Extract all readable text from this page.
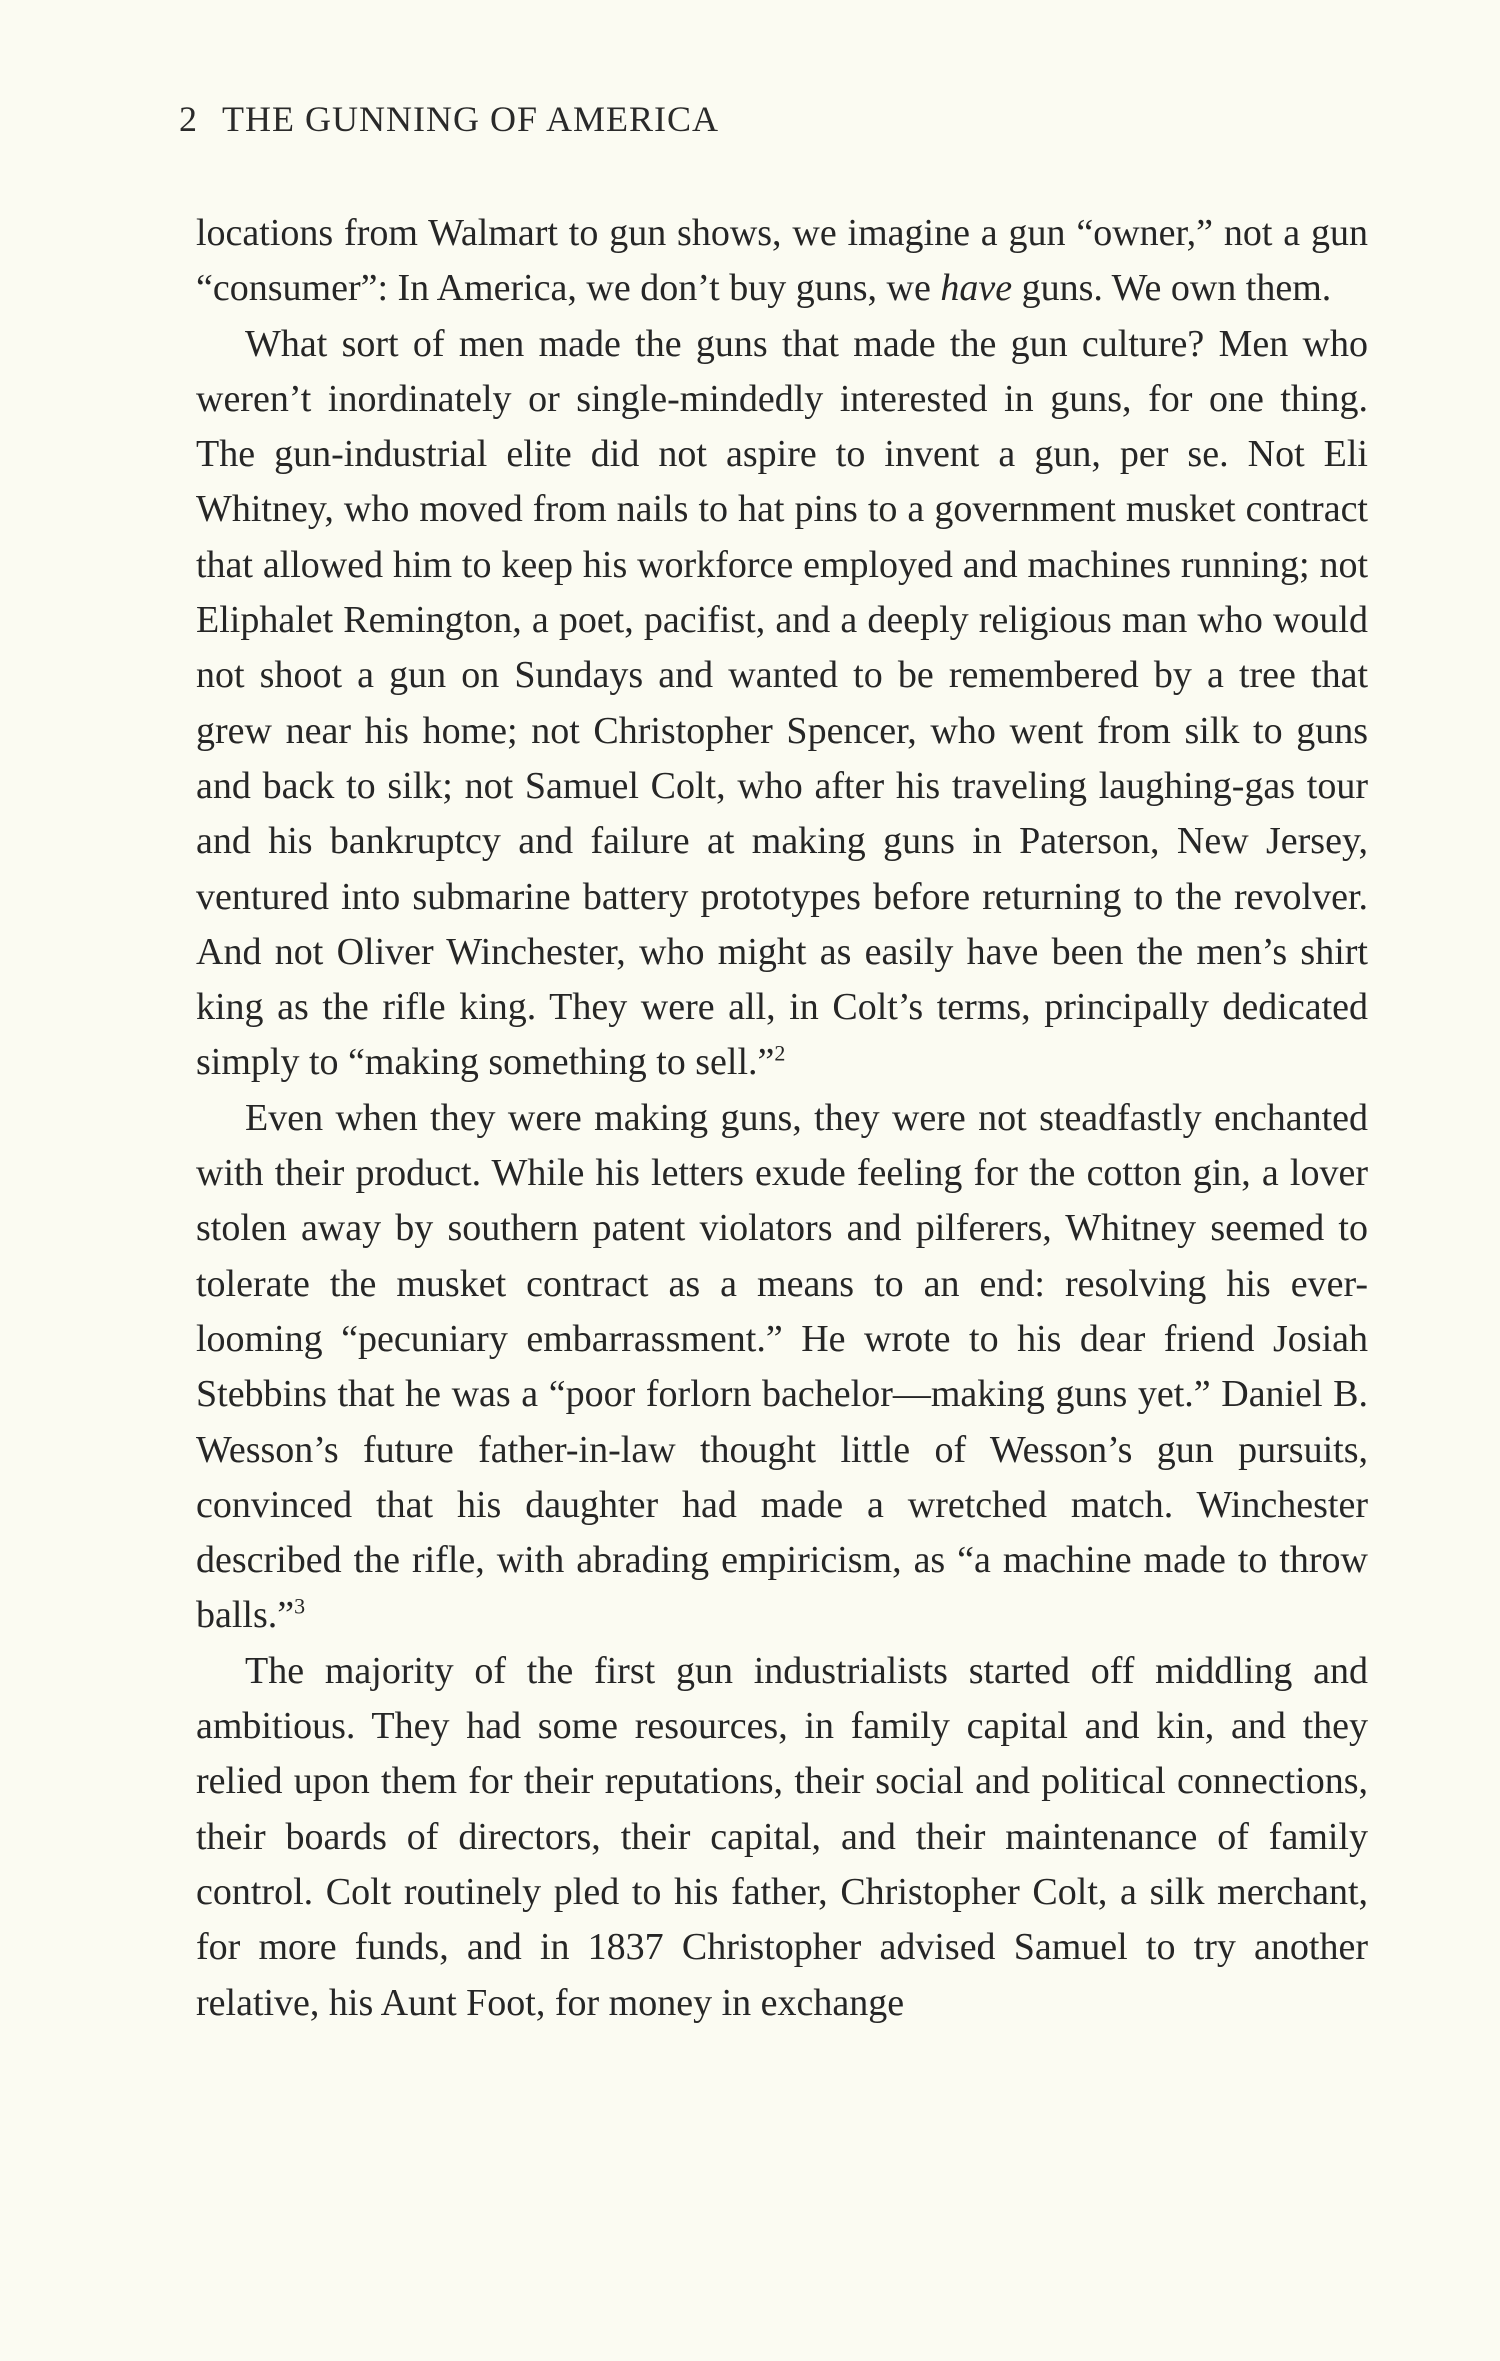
2 THE GUNNING OF AMERICA

locations from Walmart to gun shows, we imagine a gun “owner,” not a gun “consumer”: In America, we don’t buy guns, we have guns. We own them.

What sort of men made the guns that made the gun culture? Men who weren’t inordinately or single-mindedly interested in guns, for one thing. The gun-industrial elite did not aspire to invent a gun, per se. Not Eli Whitney, who moved from nails to hat pins to a government musket contract that allowed him to keep his workforce employed and machines running; not Eliphalet Remington, a poet, pacifist, and a deeply religious man who would not shoot a gun on Sundays and wanted to be remembered by a tree that grew near his home; not Christopher Spencer, who went from silk to guns and back to silk; not Samuel Colt, who after his traveling laughing-gas tour and his bankruptcy and failure at making guns in Paterson, New Jersey, ventured into submarine battery prototypes before returning to the revolver. And not Oliver Winchester, who might as easily have been the men’s shirt king as the rifle king. They were all, in Colt’s terms, principally dedicated simply to “making something to sell.”$^2$

Even when they were making guns, they were not steadfastly enchanted with their product. While his letters exude feeling for the cotton gin, a lover stolen away by southern patent violators and pilferers, Whitney seemed to tolerate the musket contract as a means to an end: resolving his ever-looming “pecuniary embarrassment.” He wrote to his dear friend Josiah Stebbins that he was a “poor forlorn bachelor—making guns yet.” Daniel B. Wesson’s future father-in-law thought little of Wesson’s gun pursuits, convinced that his daughter had made a wretched match. Winchester described the rifle, with abrading empiricism, as “a machine made to throw balls.”$^3$

The majority of the first gun industrialists started off middling and ambitious. They had some resources, in family capital and kin, and they relied upon them for their reputations, their social and political connections, their boards of directors, their capital, and their maintenance of family control. Colt routinely pled to his father, Christopher Colt, a silk merchant, for more funds, and in 1837 Christopher advised Samuel to try another relative, his Aunt Foot, for money in exchange
